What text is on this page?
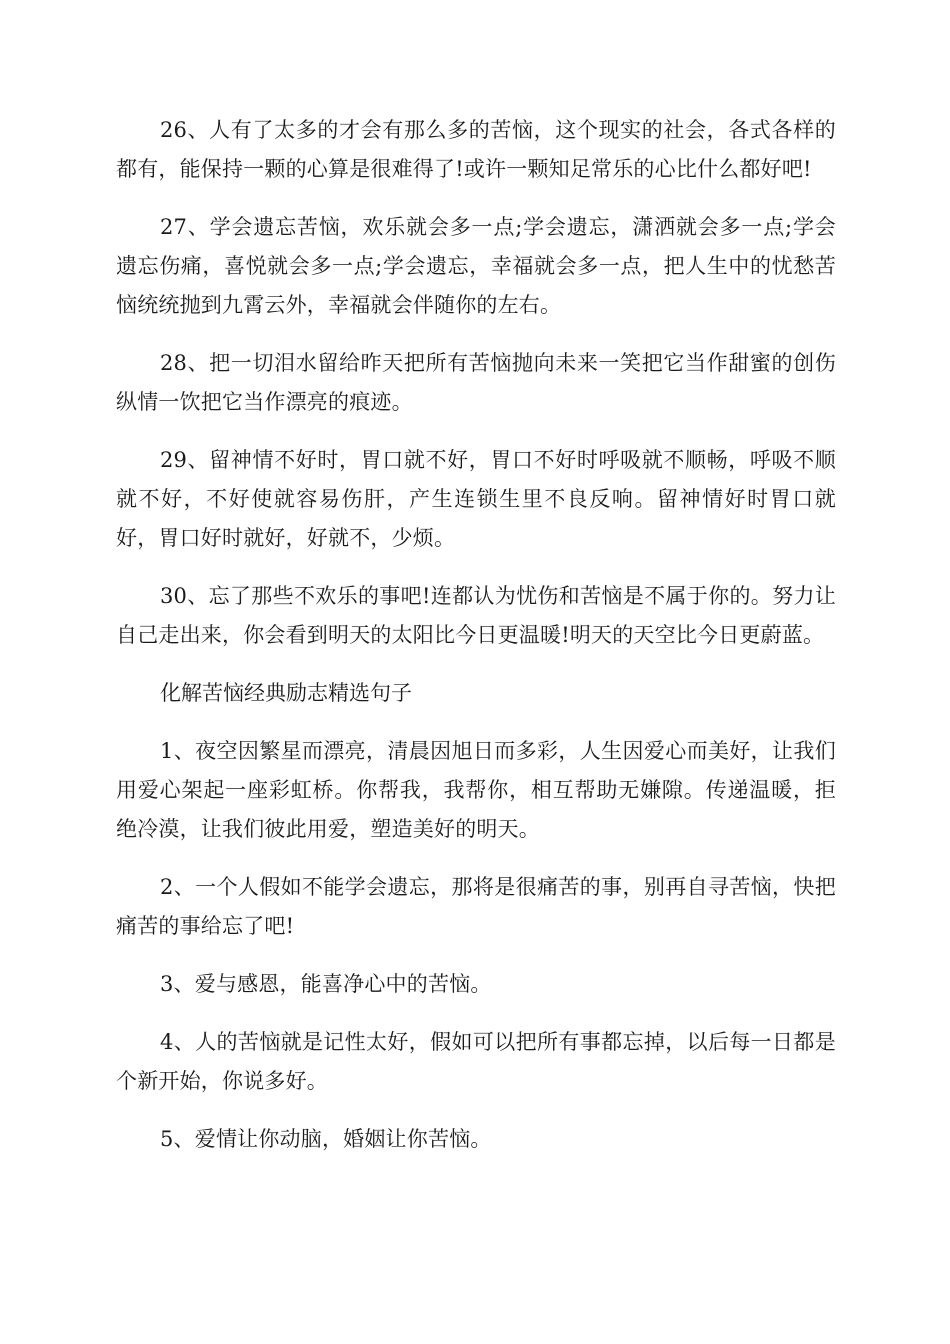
26、人有了太多的才会有那么多的苦恼，这个现实的社会，各式各样的都有，能保持一颗的心算是很难得了!或许一颗知足常乐的心比什么都好吧!

27、学会遗忘苦恼，欢乐就会多一点;学会遗忘，潇洒就会多一点;学会遗忘伤痛，喜悦就会多一点;学会遗忘，幸福就会多一点，把人生中的忧愁苦恼统统抛到九霄云外，幸福就会伴随你的左右。

28、把一切泪水留给昨天把所有苦恼抛向未来一笑把它当作甜蜜的创伤纵情一饮把它当作漂亮的痕迹。

29、留神情不好时，胃口就不好，胃口不好时呼吸就不顺畅，呼吸不顺就不好，不好使就容易伤肝，产生连锁生里不良反响。留神情好时胃口就好，胃口好时就好，好就不，少烦。

30、忘了那些不欢乐的事吧!连都认为忧伤和苦恼是不属于你的。努力让自己走出来，你会看到明天的太阳比今日更温暖!明天的天空比今日更蔚蓝。

化解苦恼经典励志精选句子

1、夜空因繁星而漂亮，清晨因旭日而多彩，人生因爱心而美好，让我们用爱心架起一座彩虹桥。你帮我，我帮你，相互帮助无嫌隙。传递温暖，拒绝冷漠，让我们彼此用爱，塑造美好的明天。

2、一个人假如不能学会遗忘，那将是很痛苦的事，别再自寻苦恼，快把痛苦的事给忘了吧!

3、爱与感恩，能喜净心中的苦恼。

4、人的苦恼就是记性太好，假如可以把所有事都忘掉，以后每一日都是个新开始，你说多好。

5、爱情让你动脑，婚姻让你苦恼。
